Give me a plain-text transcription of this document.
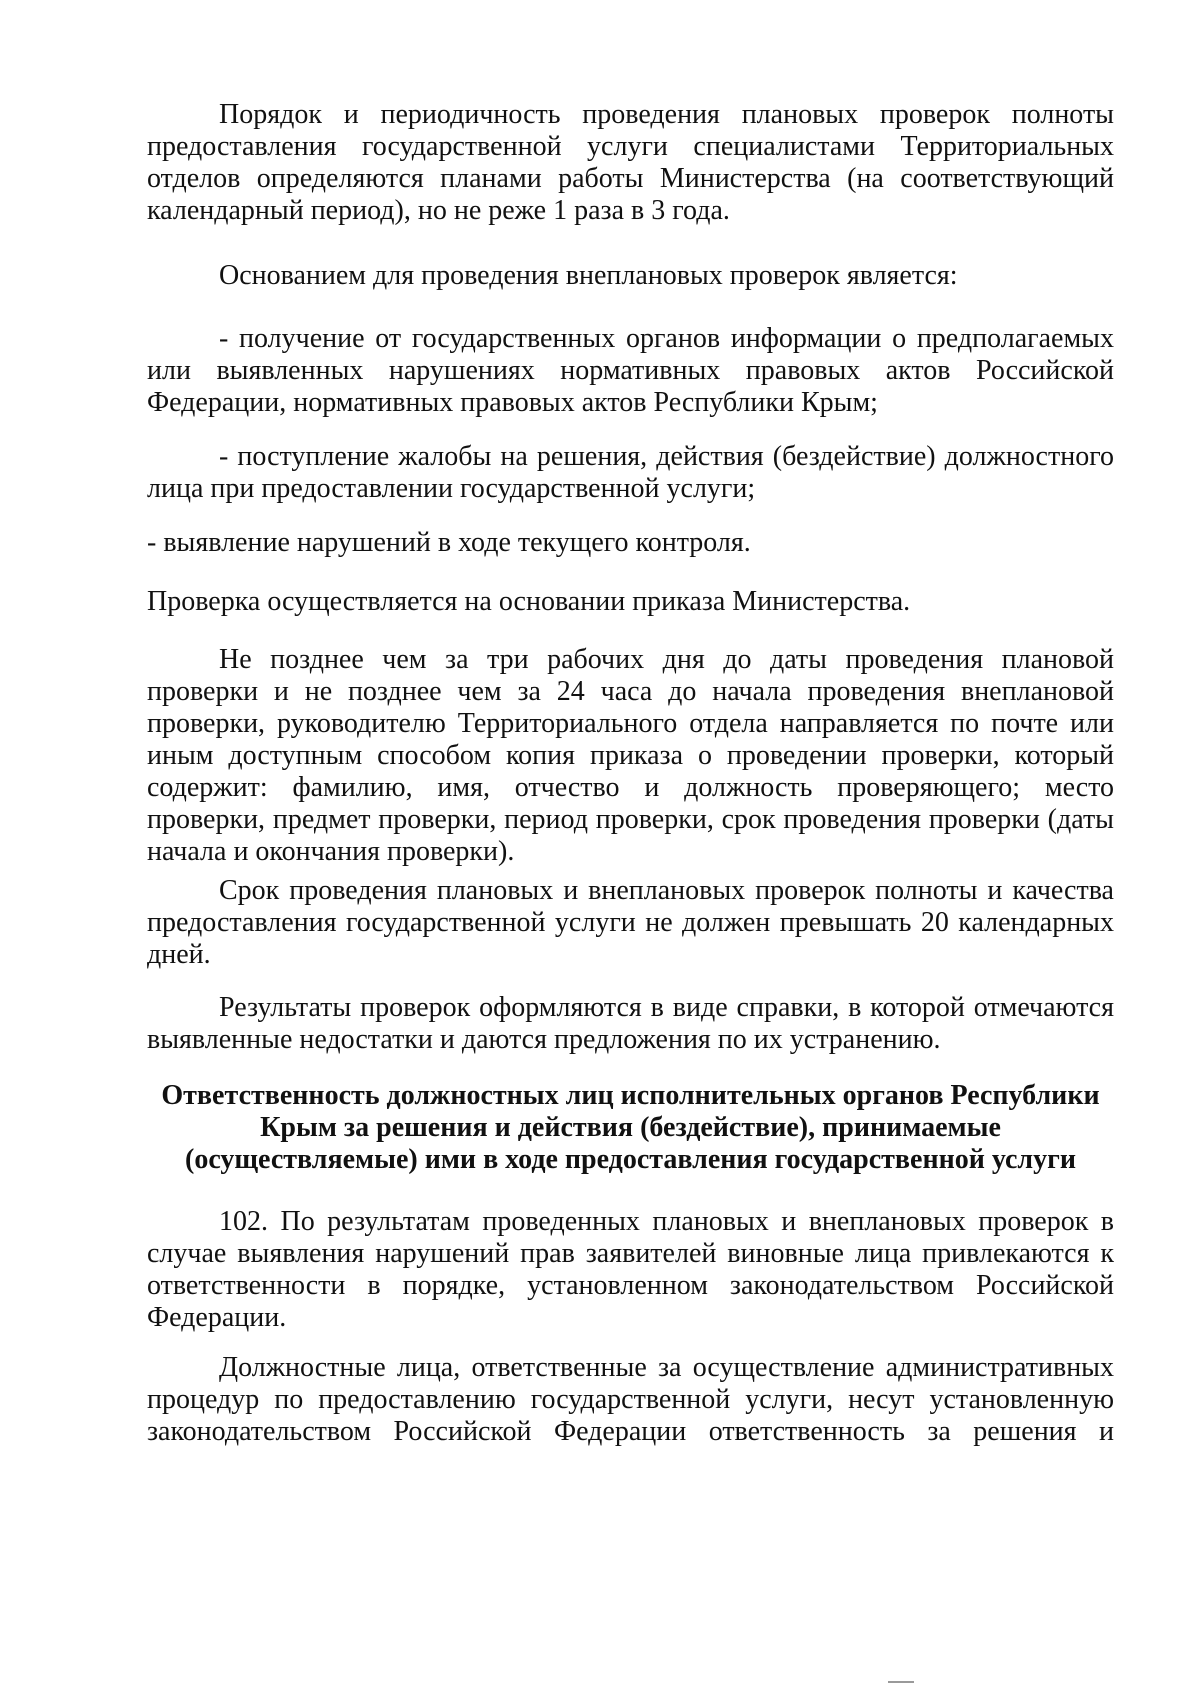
Порядок и периодичность проведения плановых проверок полноты предоставления государственной услуги специалистами Территориальных отделов определяются планами работы Министерства (на соответствующий календарный период), но не реже 1 раза в 3 года.

Основанием для проведения внеплановых проверок является:

- получение от государственных органов информации о предполагаемых или выявленных нарушениях нормативных правовых актов Российской Федерации, нормативных правовых актов Республики Крым;

- поступление жалобы на решения, действия (бездействие) должностного лица при предоставлении государственной услуги;

- выявление нарушений в ходе текущего контроля.

Проверка осуществляется на основании приказа Министерства.

Не позднее чем за три рабочих дня до даты проведения плановой проверки и не позднее чем за 24 часа до начала проведения внеплановой проверки, руководителю Территориального отдела направляется по почте или иным доступным способом копия приказа о проведении проверки, который содержит: фамилию, имя, отчество и должность проверяющего; место проверки, предмет проверки, период проверки, срок проведения проверки (даты начала и окончания проверки).

Срок проведения плановых и внеплановых проверок полноты и качества предоставления государственной услуги не должен превышать 20 календарных дней.

Результаты проверок оформляются в виде справки, в которой отмечаются выявленные недостатки и даются предложения по их устранению.

Ответственность должностных лиц исполнительных органов Республики Крым за решения и действия (бездействие), принимаемые (осуществляемые) ими в ходе предоставления государственной услуги

102. По результатам проведенных плановых и внеплановых проверок в случае выявления нарушений прав заявителей виновные лица привлекаются к ответственности в порядке, установленном законодательством Российской Федерации.

Должностные лица, ответственные за осуществление административных процедур по предоставлению государственной услуги, несут установленную законодательством Российской Федерации ответственность за решения и
